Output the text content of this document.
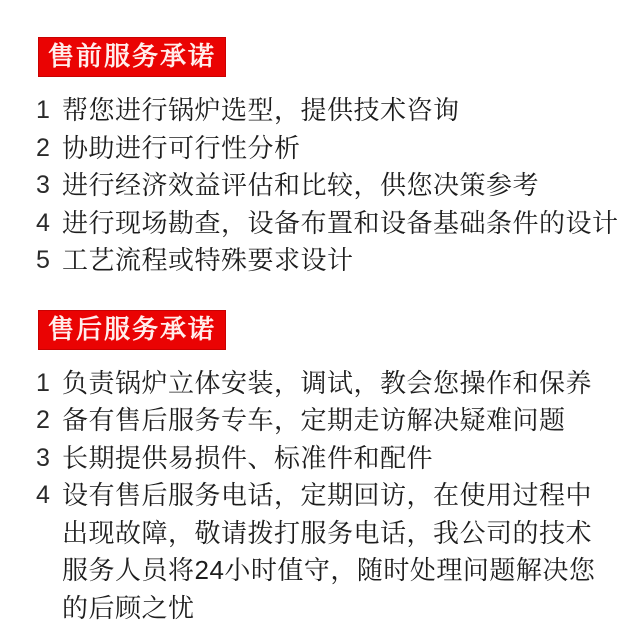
售前服务承诺
1 帮您进行锅炉选型，提供技术咨询
2 协助进行可行性分析
3 进行经济效益评估和比较，供您决策参考
4 进行现场勘查，设备布置和设备基础条件的设计
5 工艺流程或特殊要求设计
售后服务承诺
1 负责锅炉立体安装，调试，教会您操作和保养
2 备有售后服务专车，定期走访解决疑难问题
3 长期提供易损件、标准件和配件
4 设有售后服务电话，定期回访，在使用过程中
出现故障，敬请拨打服务电话，我公司的技术
服务人员将24小时值守，随时处理问题解决您
的后顾之忧
